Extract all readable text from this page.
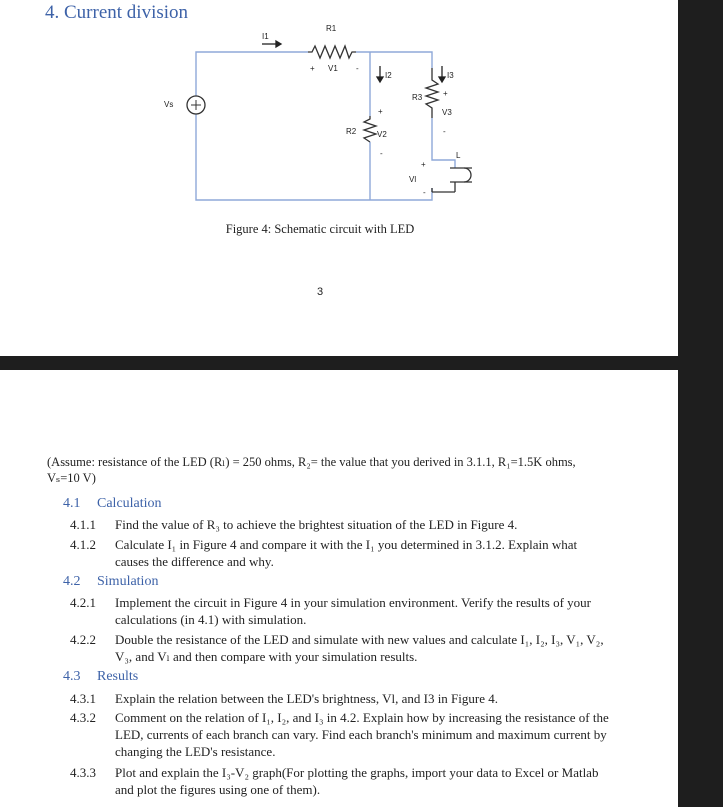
4. Current division
I1
R1
+ V1 -
I2	I3
R3	+
V3
-
Vs
+
R2	V2
-	L
+
Vl
-
Figure 4: Schematic circuit with LED
3
(Assume: resistance of the LED (Rₗ) = 250 ohms, R₂= the value that you derived in 3.1.1, R₁=1.5K ohms, Vₛ=10 V)
4.1 Calculation
4.1.1	Find the value of R₃ to achieve the brightest situation of the LED in Figure 4.
4.1.2	Calculate I₁ in Figure 4 and compare it with the I₁ you determined in 3.1.2. Explain what causes the difference and why.
4.2 Simulation
4.2.1	Implement the circuit in Figure 4 in your simulation environment. Verify the results of your calculations (in 4.1) with simulation.
4.2.2	Double the resistance of the LED and simulate with new values and calculate I₁, I₂, I₃, V₁, V₂, V₃, and Vₗ and then compare with your simulation results.
4.3 Results
4.3.1	Explain the relation between the LED's brightness, Vl, and I3 in Figure 4.
4.3.2	Comment on the relation of I₁, I₂, and I₃ in 4.2. Explain how by increasing the resistance of the LED, currents of each branch can vary. Find each branch's minimum and maximum current by changing the LED's resistance.
4.3.3	Plot and explain the I₃-V₂ graph(For plotting the graphs, import your data to Excel or Matlab and plot the figures using one of them).
